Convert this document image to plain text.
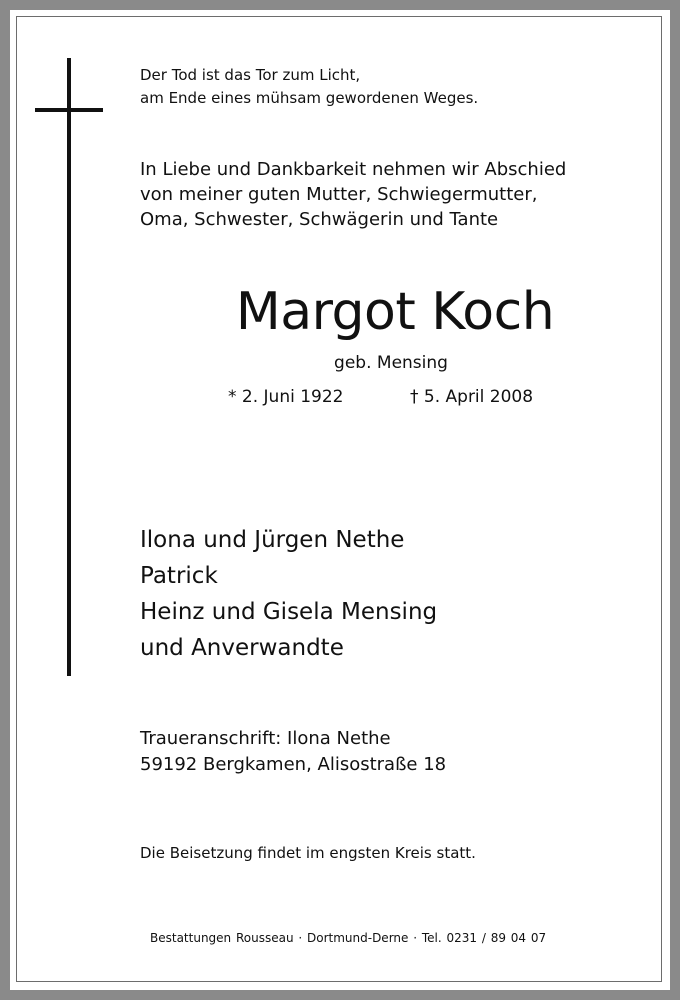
Der Tod ist das Tor zum Licht,
am Ende eines mühsam gewordenen Weges.
In Liebe und Dankbarkeit nehmen wir Abschied
von meiner guten Mutter, Schwiegermutter,
Oma, Schwester, Schwägerin und Tante
Margot Koch
geb. Mensing
* 2. Juni 1922	† 5. April 2008
Ilona und Jürgen Nethe
Patrick
Heinz und Gisela Mensing
und Anverwandte
Traueranschrift: Ilona Nethe
59192 Bergkamen, Alisostraße 18
Die Beisetzung findet im engsten Kreis statt.
Bestattungen Rousseau · Dortmund-Derne · Tel. 0231 / 89 04 07
